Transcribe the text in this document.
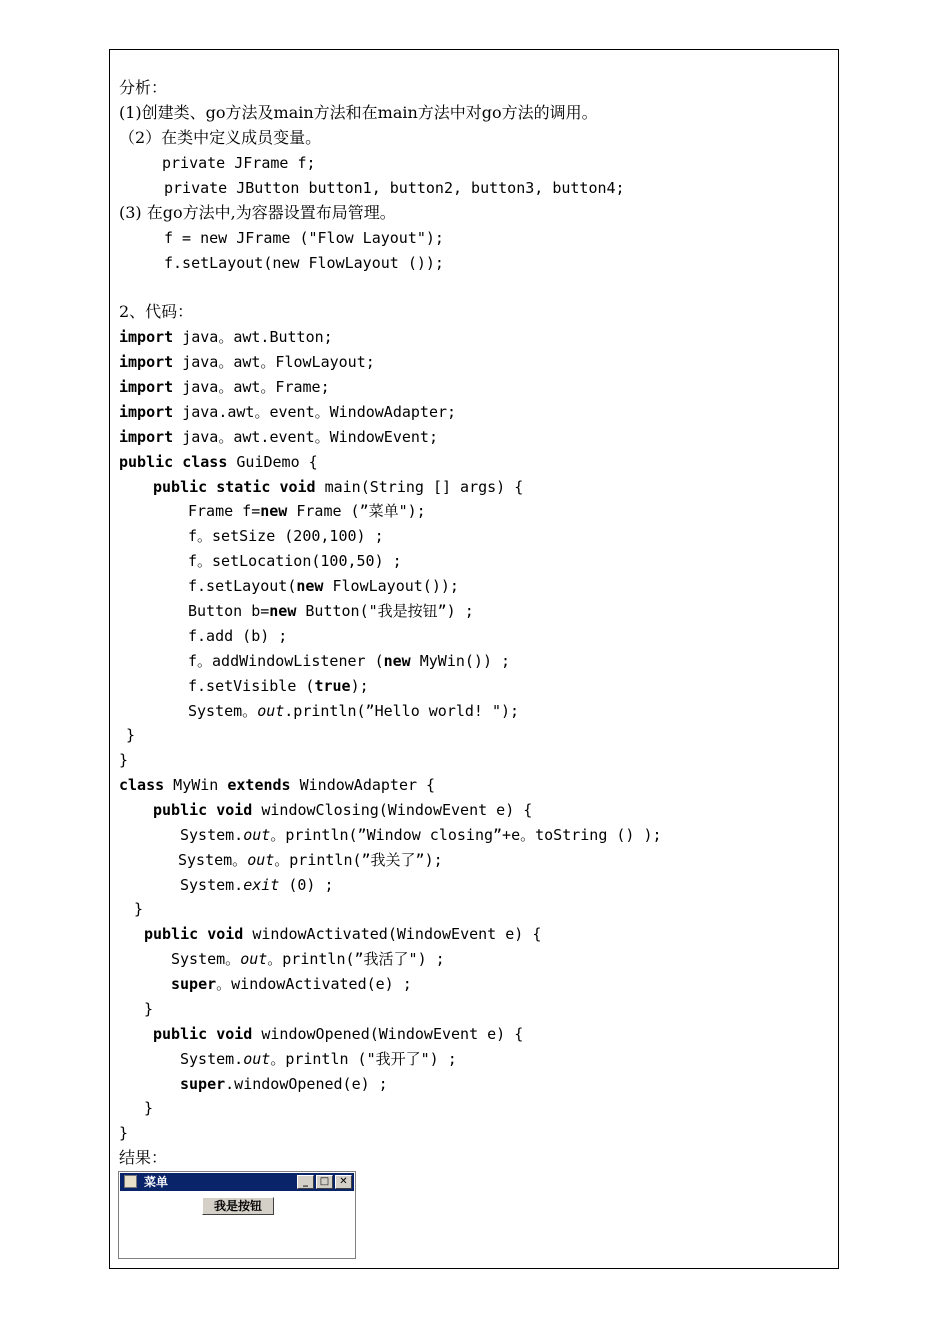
分析：
(1)创建类、go方法及main方法和在main方法中对go方法的调用。
（2）在类中定义成员变量。
private JFrame f;
private JButton button1, button2, button3, button4;
(3) 在go方法中,为容器设置布局管理。
f = new JFrame ("Flow Layout");
f.setLayout(new FlowLayout ());
2、代码：
import java。awt.Button;
import java。awt。FlowLayout;
import java。awt。Frame;
import java.awt。event。WindowAdapter;
import java。awt.event。WindowEvent;
public class GuiDemo {
public static void main(String [] args) {
Frame f=new Frame (”菜单");
f。setSize (200,100) ;
f。setLocation(100,50) ;
f.setLayout(new FlowLayout());
Button b=new Button("我是按钮”) ;
f.add (b) ;
f。addWindowListener (new MyWin()) ;
f.setVisible (true);
System。out.println(”Hello world! ");
}
}
class MyWin extends WindowAdapter {
public void windowClosing(WindowEvent e) {
System.out。println(”Window closing”+e。toString () );
System。out。println(”我关了”);
System.exit (0) ;
}
public void windowActivated(WindowEvent e) {
System。out。println(”我活了") ;
super。windowActivated(e) ;
}
public void windowOpened(WindowEvent e) {
System.out。println ("我开了") ;
super.windowOpened(e) ;
}
}
结果：
菜单	_	□	✕
我是按钮
